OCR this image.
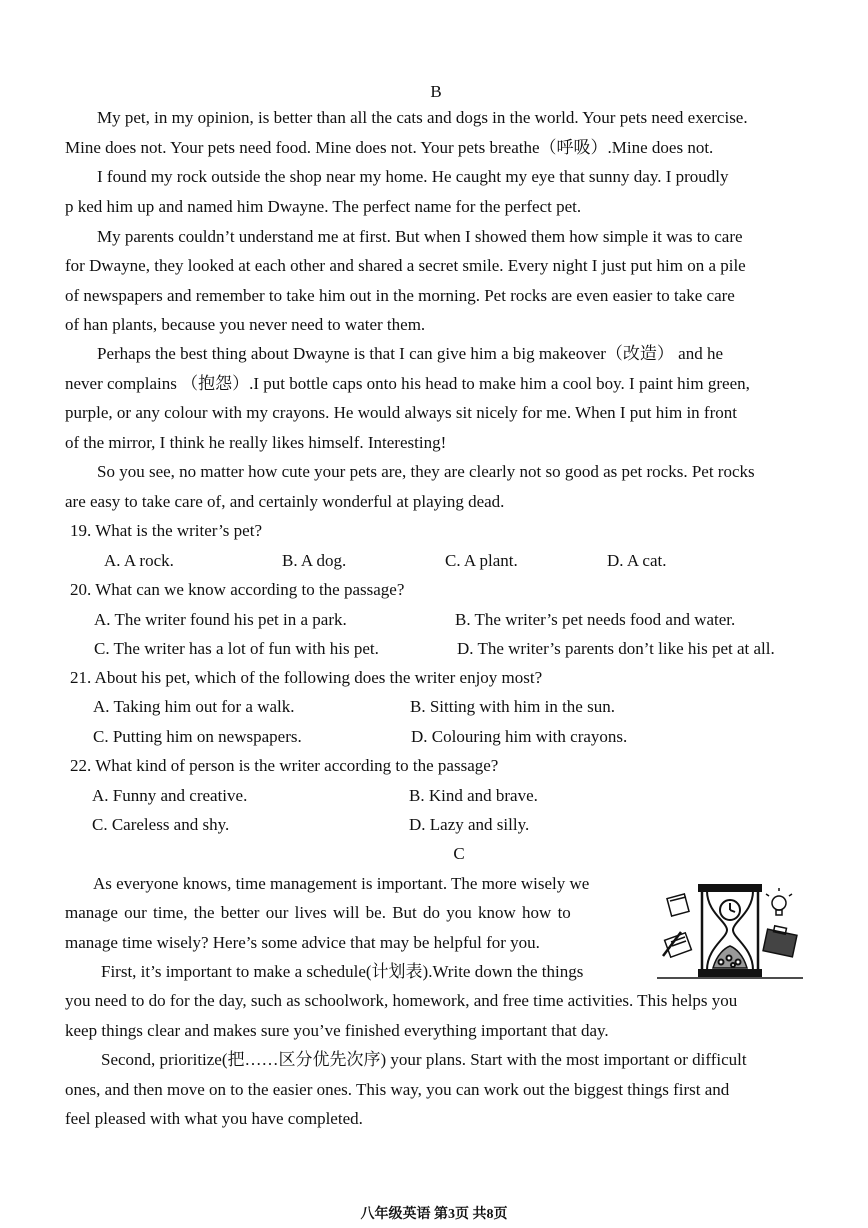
B
My pet, in my opinion, is better than all the cats and dogs in the world. Your pets need exercise.
Mine does not. Your pets need food. Mine does not. Your pets breathe（呼吸）.Mine does not.
I found my rock outside the shop near my home. He caught my eye that sunny day. I proudly
p ked him up and named him Dwayne. The perfect name for the perfect pet.
My parents couldn’t understand me at first. But when I showed them how simple it was to care
for Dwayne, they looked at each other and shared a secret smile. Every night I just put him on a pile
of newspapers and remember to take him out in the morning. Pet rocks are even easier to take care
of han plants, because you never need to water them.
Perhaps the best thing about Dwayne is that I can give him a big makeover（改造） and he
never complains （抱怨）.I put bottle caps onto his head to make him a cool boy. I paint him green,
purple, or any colour with my crayons. He would always sit nicely for me. When I put him in front
of the mirror, I think he really likes himself. Interesting!
So you see, no matter how cute your pets are, they are clearly not so good as pet rocks. Pet rocks
are easy to take care of, and certainly wonderful at playing dead.
19. What is the writer’s pet?
A. A rock.	B. A dog.	C. A plant.	D. A cat.
20. What can we know according to the passage?
A. The writer found his pet in a park.	B. The writer’s pet needs food and water.
C. The writer has a lot of fun with his pet.	D. The writer’s parents don’t like his pet at all.
21. About his pet, which of the following does the writer enjoy most?
A. Taking him out for a walk.	B. Sitting with him in the sun.
C. Putting him on newspapers.	D. Colouring him with crayons.
22. What kind of person is the writer according to the passage?
A. Funny and creative.	B. Kind and brave.
C. Careless and shy.	D. Lazy and silly.
C
As everyone knows, time management is important. The more wisely we
manage our time, the better our lives will be. But do you know how to
manage time wisely? Here’s some advice that may be helpful for you.
First, it’s important to make a schedule(计划表).Write down the things
you need to do for the day, such as schoolwork, homework, and free time activities. This helps you
keep things clear and makes sure you’ve finished everything important that day.
Second, prioritize(把……区分优先次序) your plans. Start with the most important or difficult
ones, and then move on to the easier ones. This way, you can work out the biggest things first and
feel pleased with what you have completed.
八年级英语 第3页 共8页
